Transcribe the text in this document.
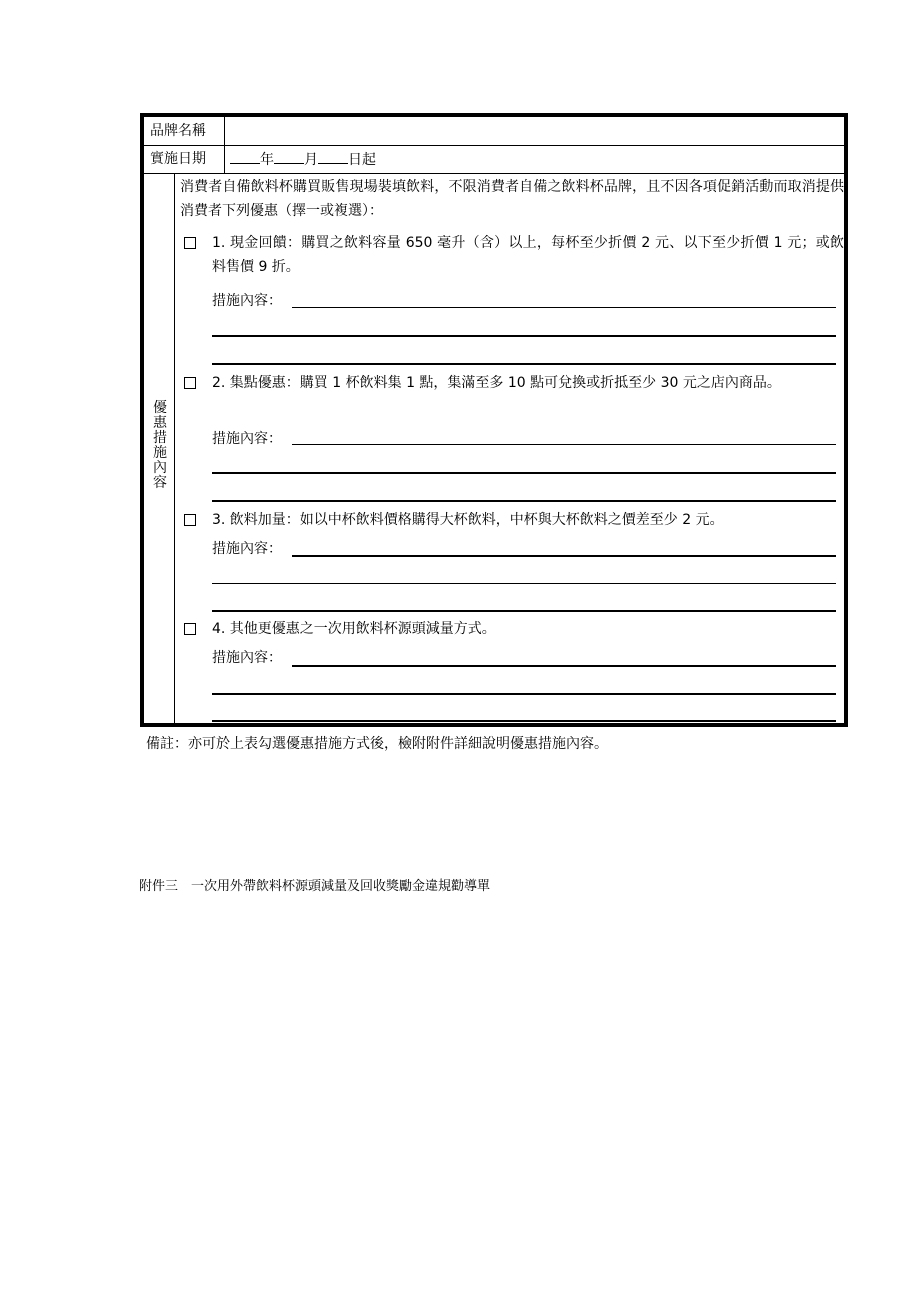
品牌名稱
實施日期	年 月 日起
優
惠
措
施
內
容
消費者自備飲料杯購買販售現場裝填飲料，不限消費者自備之飲料杯品牌，且不因各項促銷活動而取消提供消費者下列優惠（擇一或複選）：
1. 現金回饋：購買之飲料容量 650 毫升（含）以上，每杯至少折價 2 元、以下至少折價 1 元；或飲料售價 9 折。
措施內容：
2. 集點優惠：購買 1 杯飲料集 1 點，集滿至多 10 點可兌換或折抵至少 30 元之店內商品。
措施內容：
3. 飲料加量：如以中杯飲料價格購得大杯飲料，中杯與大杯飲料之價差至少 2 元。
措施內容：
4. 其他更優惠之一次用飲料杯源頭減量方式。
措施內容：
備註：亦可於上表勾選優惠措施方式後，檢附附件詳細說明優惠措施內容。
附件三　一次用外帶飲料杯源頭減量及回收獎勵金違規勸導單
